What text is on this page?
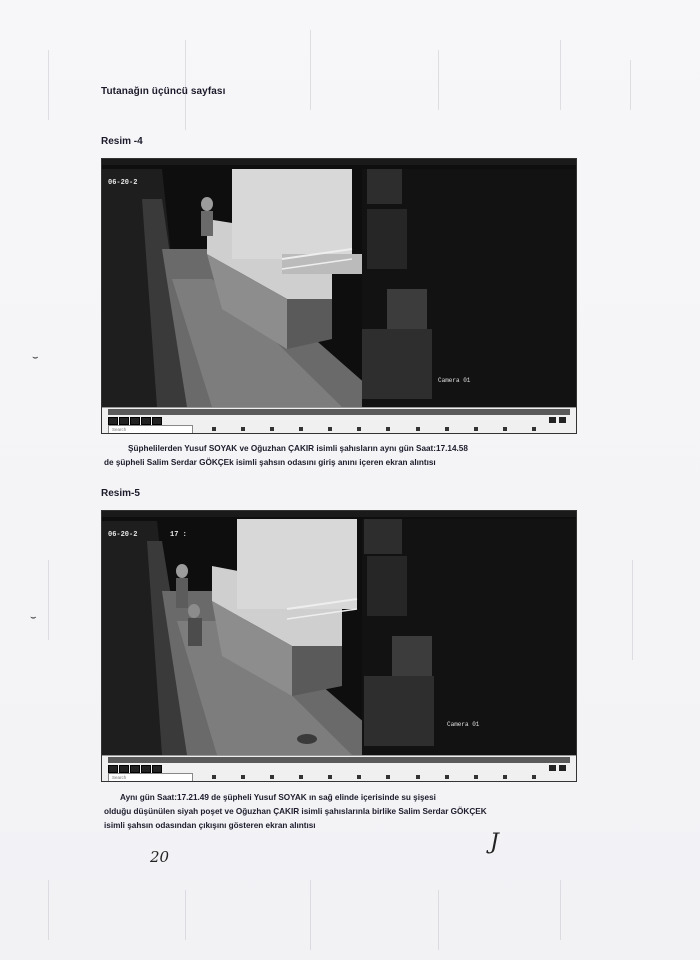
⌣
⌣
Tutanağın üçüncü sayfası
Resim -4
06-20-2
Camera 01
Search
Şüphelilerden Yusuf SOYAK ve Oğuzhan ÇAKIR isimli şahısların aynı gün Saat:17.14.58
de şüpheli Salim Serdar GÖKÇEk isimli şahsın odasını giriş anını içeren ekran alıntısı
Resim-5
06-20-2	17 :
Camera 01
Search
Aynı gün Saat:17.21.49 de şüpheli Yusuf SOYAK ın sağ elinde içerisinde su şişesi
olduğu düşünülen siyah poşet ve Oğuzhan ÇAKIR isimli şahıslarınla birlike Salim Serdar GÖKÇEK
isimli şahsın odasından çıkışını gösteren ekran alıntısı
20
J
